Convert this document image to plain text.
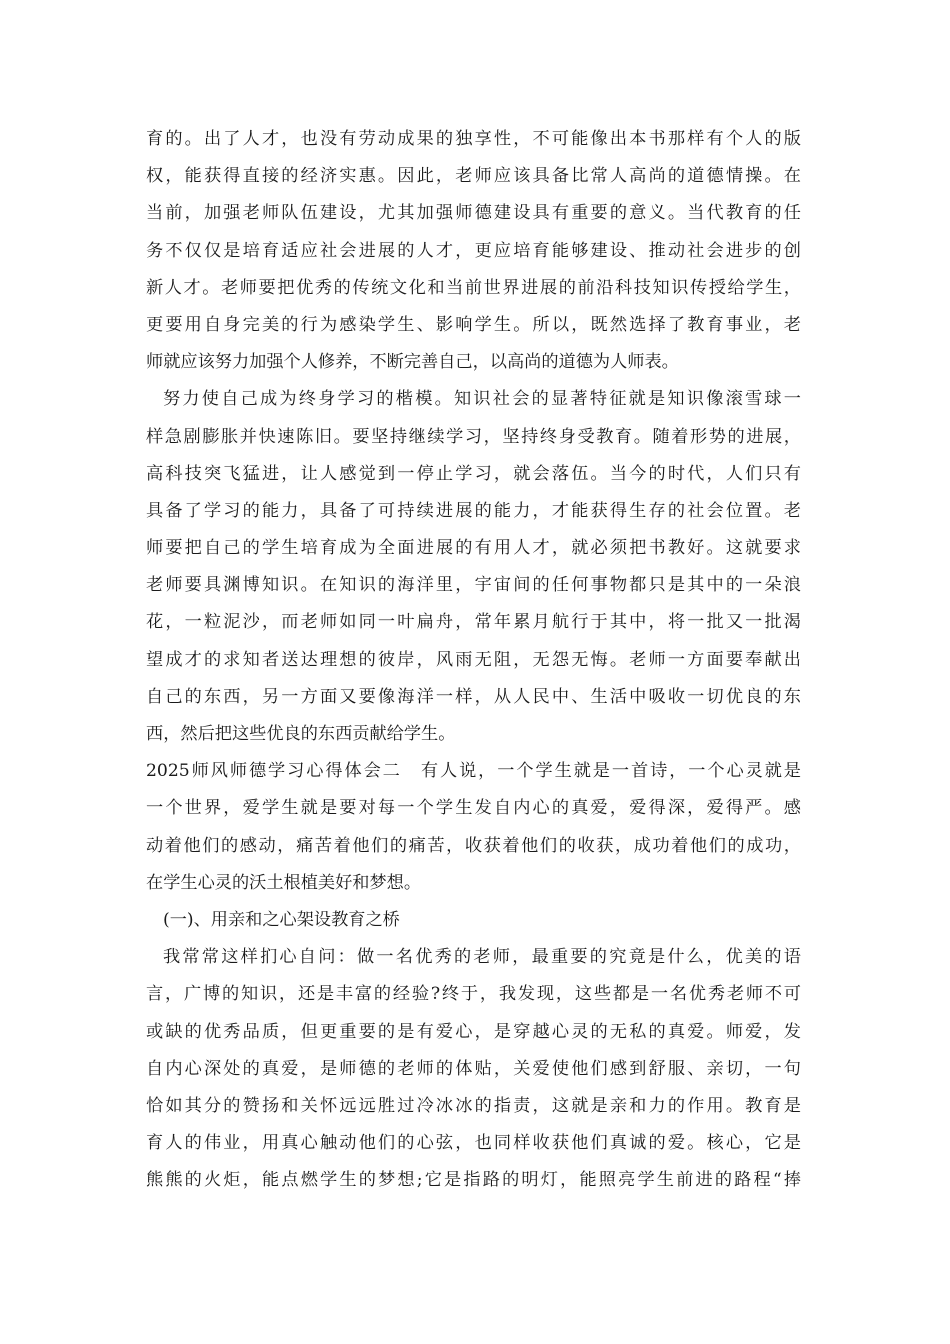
育的。出了人才，也没有劳动成果的独享性，不可能像出本书那样有个人的版
权，能获得直接的经济实惠。因此，老师应该具备比常人高尚的道德情操。在
当前，加强老师队伍建设，尤其加强师德建设具有重要的意义。当代教育的任
务不仅仅是培育适应社会进展的人才，更应培育能够建设、推动社会进步的创
新人才。老师要把优秀的传统文化和当前世界进展的前沿科技知识传授给学生，
更要用自身完美的行为感染学生、影响学生。所以，既然选择了教育事业，老
师就应该努力加强个人修养，不断完善自己，以高尚的道德为人师表。
努力使自己成为终身学习的楷模。知识社会的显著特征就是知识像滚雪球一
样急剧膨胀并快速陈旧。要坚持继续学习，坚持终身受教育。随着形势的进展，
高科技突飞猛进，让人感觉到一停止学习，就会落伍。当今的时代，人们只有
具备了学习的能力，具备了可持续进展的能力，才能获得生存的社会位置。老
师要把自己的学生培育成为全面进展的有用人才，就必须把书教好。这就要求
老师要具渊博知识。在知识的海洋里，宇宙间的任何事物都只是其中的一朵浪
花，一粒泥沙，而老师如同一叶扁舟，常年累月航行于其中，将一批又一批渴
望成才的求知者送达理想的彼岸，风雨无阻，无怨无悔。老师一方面要奉献出
自己的东西，另一方面又要像海洋一样，从人民中、生活中吸收一切优良的东
西，然后把这些优良的东西贡献给学生。
2025师风师德学习心得体会二　有人说，一个学生就是一首诗，一个心灵就是
一个世界，爱学生就是要对每一个学生发自内心的真爱，爱得深，爱得严。感
动着他们的感动，痛苦着他们的痛苦，收获着他们的收获，成功着他们的成功，
在学生心灵的沃土根植美好和梦想。
(一)、用亲和之心架设教育之桥
我常常这样扪心自问：做一名优秀的老师，最重要的究竟是什么，优美的语
言，广博的知识，还是丰富的经验?终于，我发现，这些都是一名优秀老师不可
或缺的优秀品质，但更重要的是有爱心，是穿越心灵的无私的真爱。师爱，发
自内心深处的真爱，是师德的老师的体贴，关爱使他们感到舒服、亲切，一句
恰如其分的赞扬和关怀远远胜过冷冰冰的指责，这就是亲和力的作用。教育是
育人的伟业，用真心触动他们的心弦，也同样收获他们真诚的爱。核心，它是
熊熊的火炬，能点燃学生的梦想;它是指路的明灯，能照亮学生前进的路程“捧
